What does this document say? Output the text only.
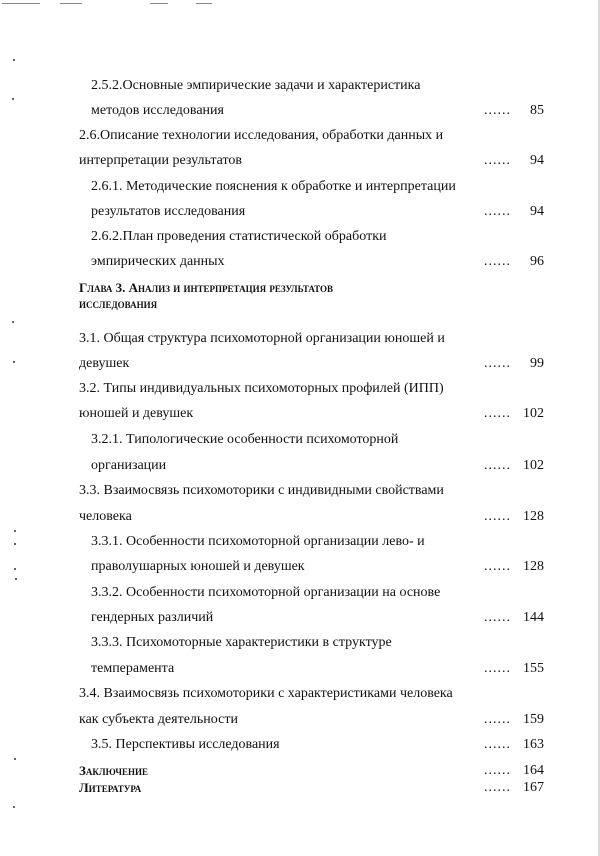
2.5.2.Основные эмпирические задачи и характеристика
методов исследования	...... 85
2.6.Описание технологии исследования, обработки данных и
интерпретации результатов	...... 94
2.6.1. Методические пояснения к обработке и интерпретации
результатов исследования	...... 94
2.6.2.План проведения статистической обработки
эмпирических данных	...... 96
Глава 3. Анализ и интерпретация результатов
исследования
3.1. Общая структура психомоторной организации юношей и
девушек	...... 99
3.2. Типы индивидуальных психомоторных профилей (ИПП)
юношей и девушек	...... 102
3.2.1. Типологические особенности психомоторной
организации	...... 102
3.3. Взаимосвязь психомоторики с индивидными свойствами
человека	...... 128
3.3.1. Особенности психомоторной организации лево- и
праволушарных юношей и девушек	...... 128
3.3.2. Особенности психомоторной организации на основе
гендерных различий	...... 144
3.3.3. Психомоторные характеристики в структуре
темперамента	...... 155
3.4. Взаимосвязь психомоторики с характеристиками человека
как субъекта деятельности	...... 159
3.5. Перспективы исследования	...... 163
Заключение	...... 164
Литература	...... 167
